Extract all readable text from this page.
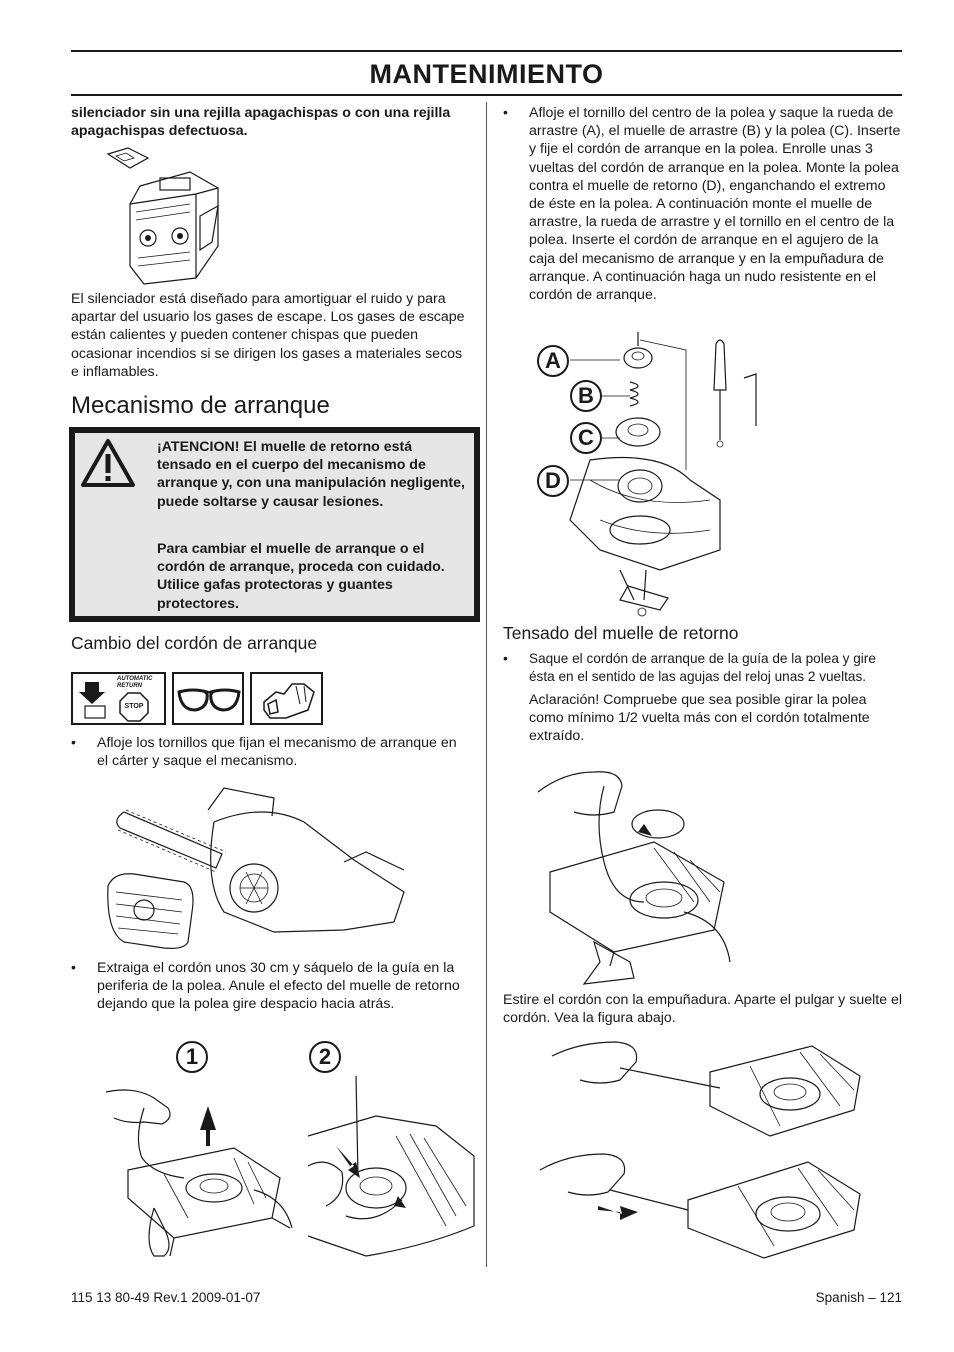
MANTENIMIENTO

silenciador sin una rejilla apagachispas o con una rejilla apagachispas defectuosa.

El silenciador está diseñado para amortiguar el ruido y para apartar del usuario los gases de escape. Los gases de escape están calientes y pueden contener chispas que pueden ocasionar incendios si se dirigen los gases a materiales secos e inflamables.

Mecanismo de arranque

¡ATENCION! El muelle de retorno está tensado en el cuerpo del mecanismo de arranque y, con una manipulación negligente, puede soltarse y causar lesiones.

Para cambiar el muelle de arranque o el cordón de arranque, proceda con cuidado. Utilice gafas protectoras y guantes protectores.

Cambio del cordón de arranque
AUTOMATIC
RETURN
STOP
• Afloje los tornillos que fijan el mecanismo de arranque en el cárter y saque el mecanismo.

• Extraiga el cordón unos 30 cm y sáquelo de la guía en la periferia de la polea. Anule el efecto del muelle de retorno dejando que la polea gire despacio hacia atrás.

1	2
• Afloje el tornillo del centro de la polea y saque la rueda de arrastre (A), el muelle de arrastre (B) y la polea (C). Inserte y fije el cordón de arranque en la polea. Enrolle unas 3 vueltas del cordón de arranque en la polea. Monte la polea contra el muelle de retorno (D), enganchando el extremo de éste en la polea. A continuación monte el muelle de arrastre, la rueda de arrastre y el tornillo en el centro de la polea. Inserte el cordón de arranque en el agujero de la caja del mecanismo de arranque y en la empuñadura de arranque. A continuación haga un nudo resistente en el cordón de arranque.

A
B
C
D
Tensado del muelle de retorno
• Saque el cordón de arranque de la guía de la polea y gire ésta en el sentido de las agujas del reloj unas 2 vueltas.

Aclaración! Compruebe que sea posible girar la polea como mínimo 1/2 vuelta más con el cordón totalmente extraído.

Estire el cordón con la empuñadura. Aparte el pulgar y suelte el cordón. Vea la figura abajo.

115 13 80-49 Rev.1 2009-01-07	Spanish – 121
